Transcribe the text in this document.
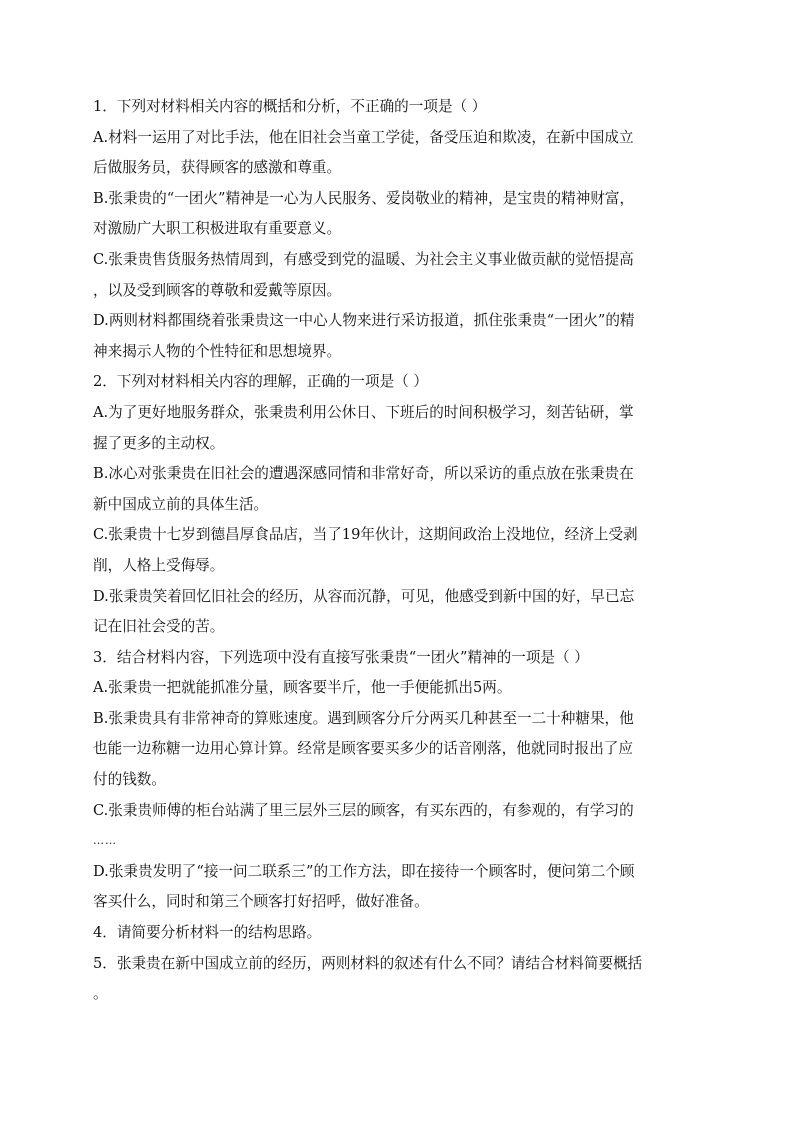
1．下列对材料相关内容的概括和分析，不正确的一项是（ ）
A.材料一运用了对比手法，他在旧社会当童工学徒，备受压迫和欺凌，在新中国成立
后做服务员，获得顾客的感激和尊重。
B.张秉贵的“一团火”精神是一心为人民服务、爱岗敬业的精神，是宝贵的精神财富，
对激励广大职工积极进取有重要意义。
C.张秉贵售货服务热情周到，有感受到党的温暖、为社会主义事业做贡献的觉悟提高
，以及受到顾客的尊敬和爱戴等原因。
D.两则材料都围绕着张秉贵这一中心人物来进行采访报道，抓住张秉贵“一团火”的精
神来揭示人物的个性特征和思想境界。
2．下列对材料相关内容的理解，正确的一项是（ ）
A.为了更好地服务群众，张秉贵利用公休日、下班后的时间积极学习，刻苦钻研，掌
握了更多的主动权。
B.冰心对张秉贵在旧社会的遭遇深感同情和非常好奇，所以采访的重点放在张秉贵在
新中国成立前的具体生活。
C.张秉贵十七岁到德昌厚食品店，当了19年伙计，这期间政治上没地位，经济上受剥
削，人格上受侮辱。
D.张秉贵笑着回忆旧社会的经历，从容而沉静，可见，他感受到新中国的好，早已忘
记在旧社会受的苦。
3．结合材料内容，下列选项中没有直接写张秉贵“一团火”精神的一项是（ ）
A.张秉贵一把就能抓准分量，顾客要半斤，他一手便能抓出5两。
B.张秉贵具有非常神奇的算账速度。遇到顾客分斤分两买几种甚至一二十种糖果，他
也能一边称糖一边用心算计算。经常是顾客要买多少的话音刚落，他就同时报出了应
付的钱数。
C.张秉贵师傅的柜台站满了里三层外三层的顾客，有买东西的，有参观的，有学习的
……
D.张秉贵发明了“接一问二联系三”的工作方法，即在接待一个顾客时，便问第二个顾
客买什么，同时和第三个顾客打好招呼，做好准备。
4．请简要分析材料一的结构思路。
5．张秉贵在新中国成立前的经历，两则材料的叙述有什么不同？请结合材料简要概括
。
